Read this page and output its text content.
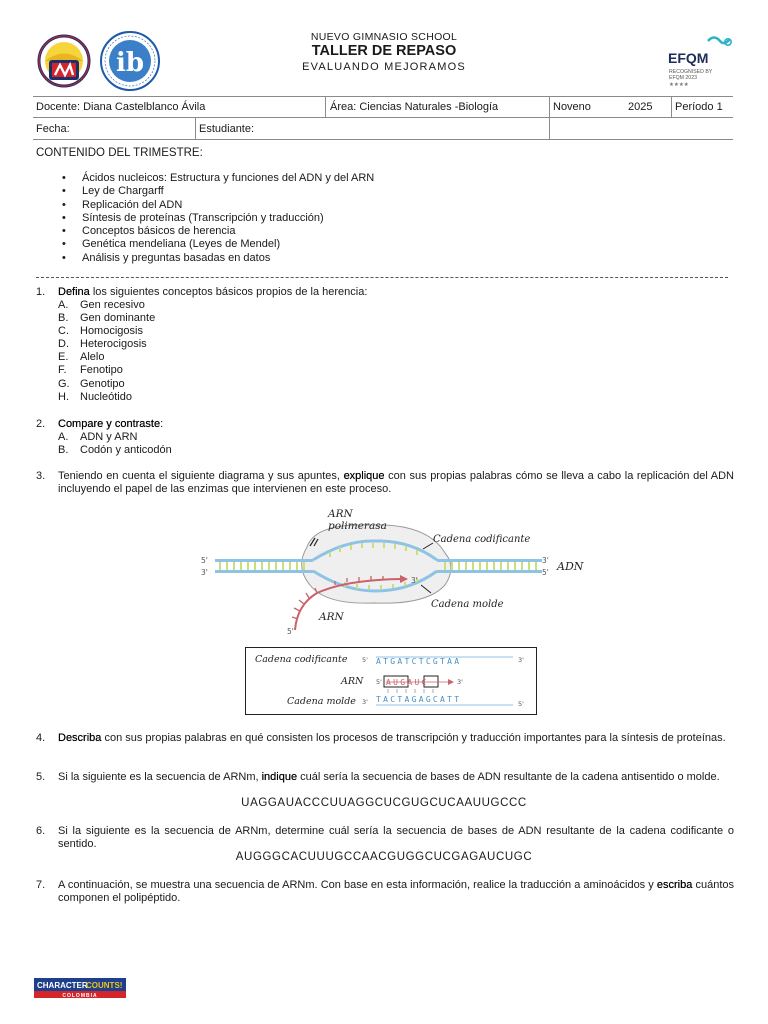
ib
NUEVO GIMNASIO SCHOOL
TALLER DE REPASO
EVALUANDO MEJORAMOS
EFQM
RECOGNISED BY
EFQM 2023
★★★★
Docente: Diana Castelblanco Ávila	Área: Ciencias Naturales -Biología	Noveno	2025 Período 1
Fecha:	Estudiante:
CONTENIDO DEL TRIMESTRE:
• Ácidos nucleicos: Estructura y funciones del ADN y del ARN
• Ley de Chargarff
• Replicación del ADN
• Síntesis de proteínas (Transcripción y traducción)
• Conceptos básicos de herencia
• Genética mendeliana (Leyes de Mendel)
• Análisis y preguntas basadas en datos
1. Defina los siguientes conceptos básicos propios de la herencia:
A. Gen recesivo
B. Gen dominante
C. Homocigosis
D. Heterocigosis
E. Alelo
F. Fenotipo
G. Genotipo
H. Nucleótido
2. Compare y contraste:
A. ADN y ARN
B. Codón y anticodón
3. Teniendo en cuenta el siguiente diagrama y sus apuntes, explique con sus propias palabras cómo se lleva a cabo la replicación del ADN incluyendo el papel de las enzimas que intervienen en este proceso.
ARN
polimerasa
Cadena codificante
ADN
Cadena molde
ARN
5'
3'
3'
5'
5'
3'
Cadena codificante 5' ATGATCTCGTAA	3'
ARN 5' AUGAUC	3'
Cadena molde 3' TACTAGAGCATT	5'
4. Describa con sus propias palabras en qué consisten los procesos de transcripción y traducción importantes para la síntesis de proteínas.
5. Si la siguiente es la secuencia de ARNm, indique cuál sería la secuencia de bases de ADN resultante de la cadena antisentido o molde.
UAGGAUACCCUUAGGCUCGUGCUCAAUUGCCC
6. Si la siguiente es la secuencia de ARNm, determine cuál sería la secuencia de bases de ADN resultante de la cadena codificante o sentido.
AUGGGCACUUUGCCAACGUGGCUCGAGAUCUGC
7. A continuación, se muestra una secuencia de ARNm. Con base en esta información, realice la traducción a aminoácidos y escriba cuántos componen el polipéptido.
CHARACTER
COUNTS!
COLOMBIA
